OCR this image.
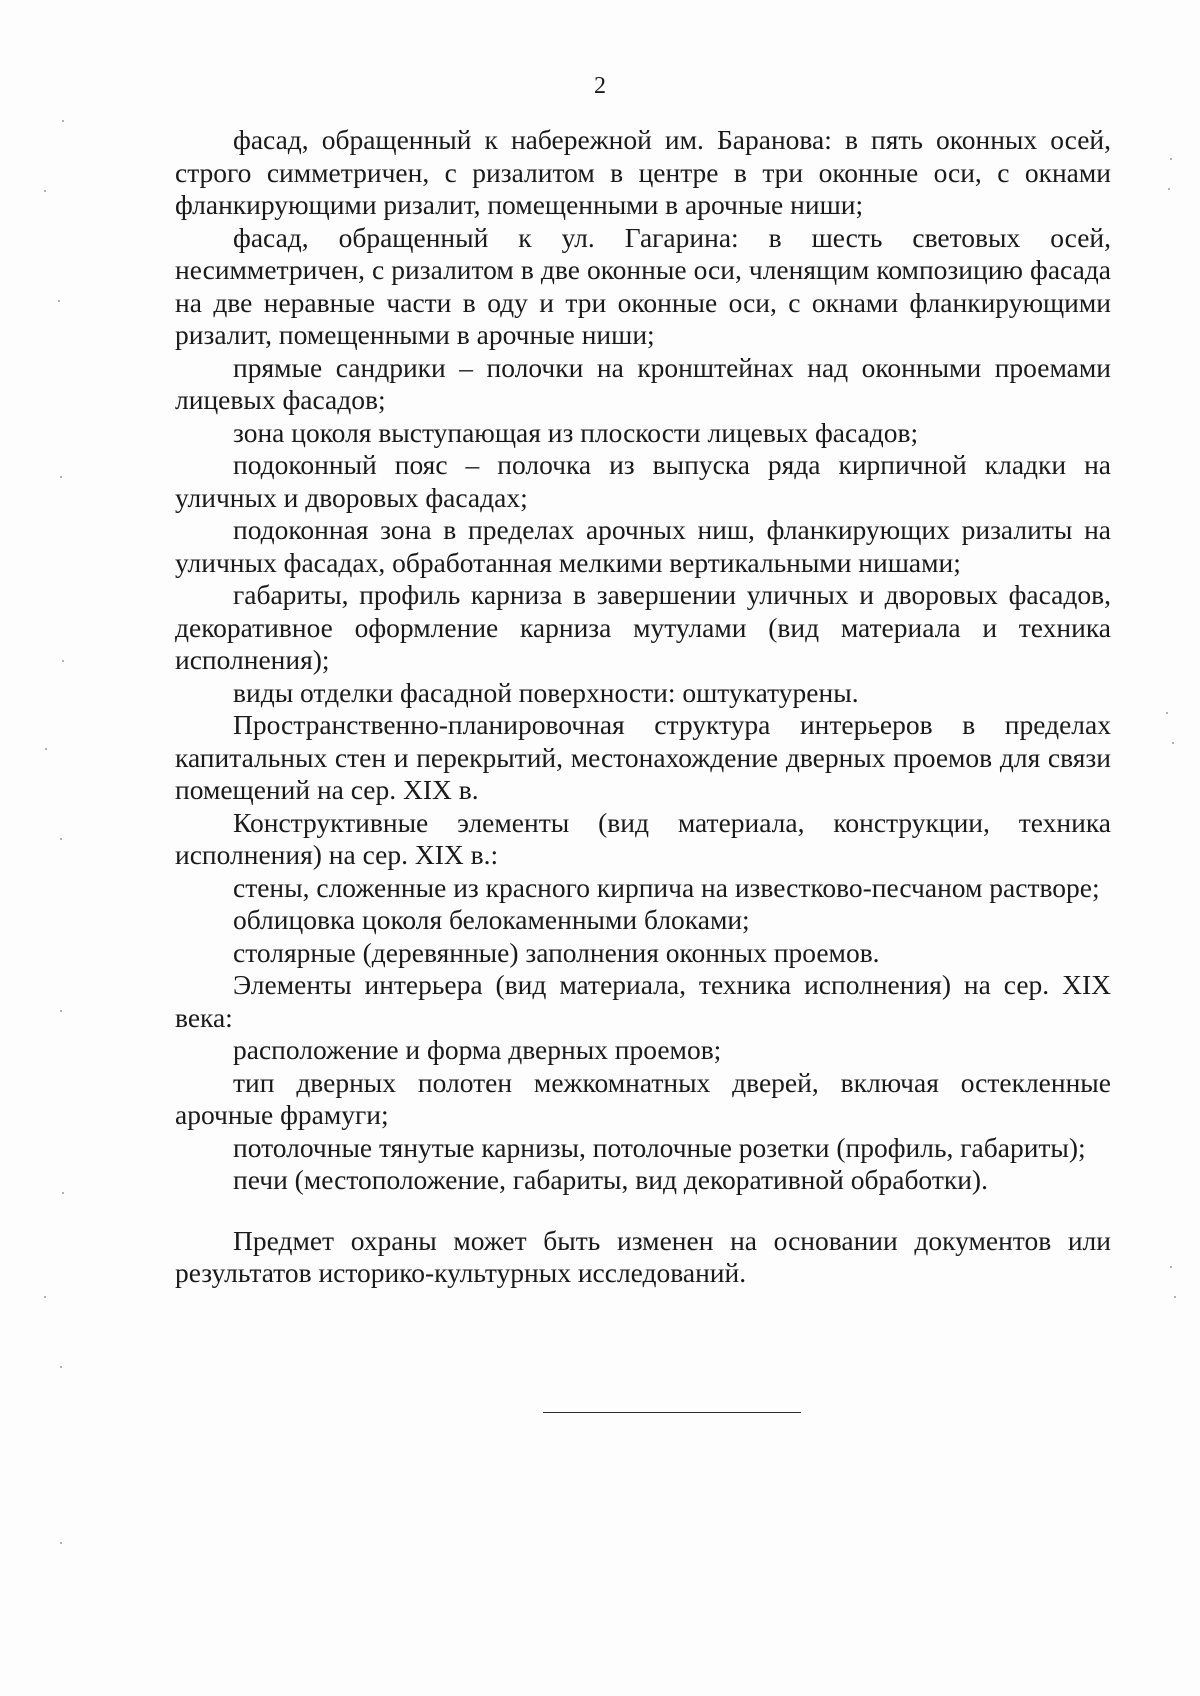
2

фасад, обращенный к набережной им. Баранова: в пять оконных осей, строго симметричен, с ризалитом в центре в три оконные оси, с окнами фланкирующими ризалит, помещенными в арочные ниши;

фасад, обращенный к ул. Гагарина: в шесть световых осей, несимметричен, с ризалитом в две оконные оси, членящим композицию фасада на две неравные части в оду и три оконные оси, с окнами фланкирующими ризалит, помещенными в арочные ниши;

прямые сандрики – полочки на кронштейнах над оконными проемами лицевых фасадов;

зона цоколя выступающая из плоскости лицевых фасадов;

подоконный пояс – полочка из выпуска ряда кирпичной кладки на уличных и дворовых фасадах;

подоконная зона в пределах арочных ниш, фланкирующих ризалиты на уличных фасадах, обработанная мелкими вертикальными нишами;

габариты, профиль карниза в завершении уличных и дворовых фасадов, декоративное оформление карниза мутулами (вид материала и техника исполнения);

виды отделки фасадной поверхности: оштукатурены.

Пространственно-планировочная структура интерьеров в пределах капитальных стен и перекрытий, местонахождение дверных проемов для связи помещений на сер. XIX в.

Конструктивные элементы (вид материала, конструкции, техника исполнения) на сер. XIX в.:

стены, сложенные из красного кирпича на известково-песчаном растворе;

облицовка цоколя белокаменными блоками;

столярные (деревянные) заполнения оконных проемов.

Элементы интерьера (вид материала, техника исполнения) на сер. XIX века:

расположение и форма дверных проемов;

тип дверных полотен межкомнатных дверей, включая остекленные арочные фрамуги;

потолочные тянутые карнизы, потолочные розетки (профиль, габариты);

печи (местоположение, габариты, вид декоративной обработки).

Предмет охраны может быть изменен на основании документов или результатов историко-культурных исследований.
